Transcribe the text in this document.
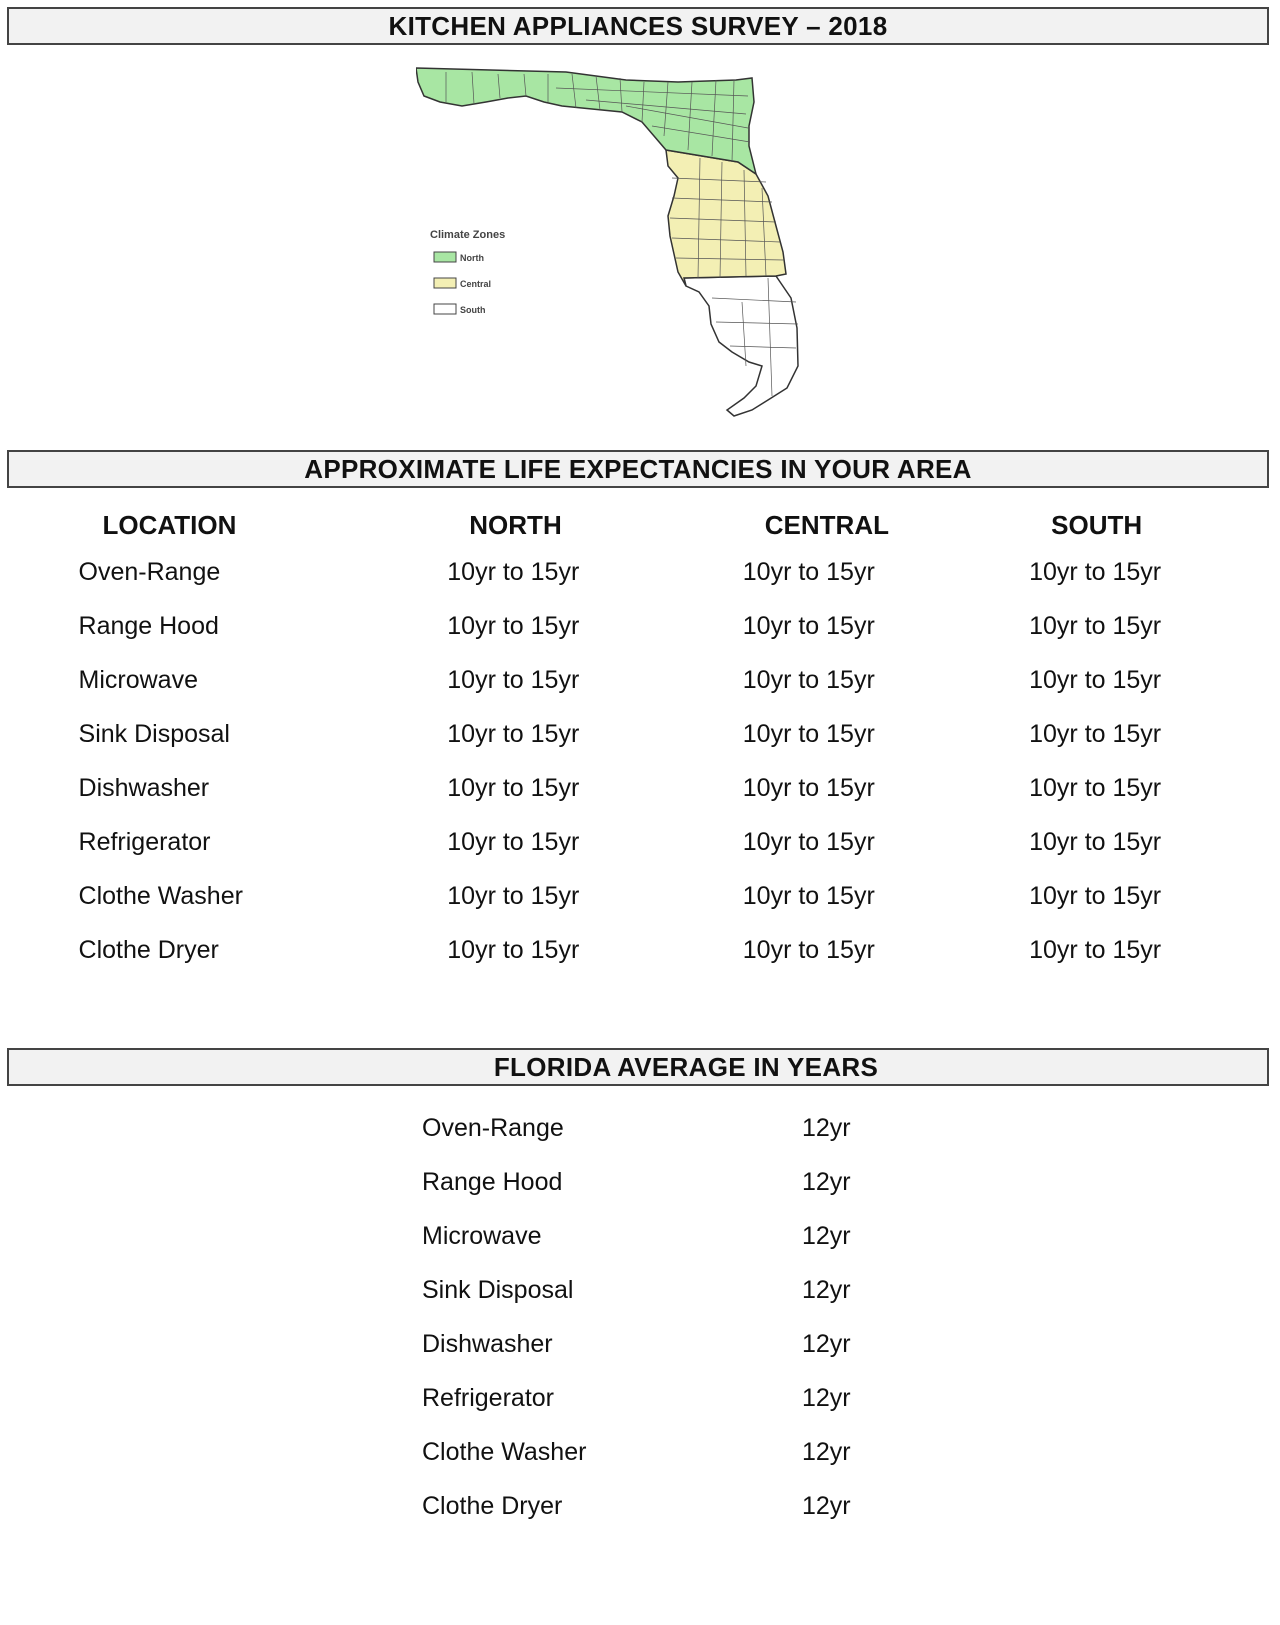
KITCHEN APPLIANCES SURVEY – 2018
Climate Zones
North
Central
South
APPROXIMATE LIFE EXPECTANCIES IN YOUR AREA
	LOCATION	NORTH	CENTRAL	SOUTH
	Oven-Range	10yr to 15yr	10yr to 15yr	10yr to 15yr
	Range Hood	10yr to 15yr	10yr to 15yr	10yr to 15yr
	Microwave	10yr to 15yr	10yr to 15yr	10yr to 15yr
	Sink Disposal	10yr to 15yr	10yr to 15yr	10yr to 15yr
	Dishwasher	10yr to 15yr	10yr to 15yr	10yr to 15yr
	Refrigerator	10yr to 15yr	10yr to 15yr	10yr to 15yr
	Clothe Washer	10yr to 15yr	10yr to 15yr	10yr to 15yr
	Clothe Dryer	10yr to 15yr	10yr to 15yr	10yr to 15yr
FLORIDA AVERAGE IN YEARS
Oven-Range	12yr
Range Hood	12yr
Microwave	12yr
Sink Disposal	12yr
Dishwasher	12yr
Refrigerator	12yr
Clothe Washer	12yr
Clothe Dryer	12yr
